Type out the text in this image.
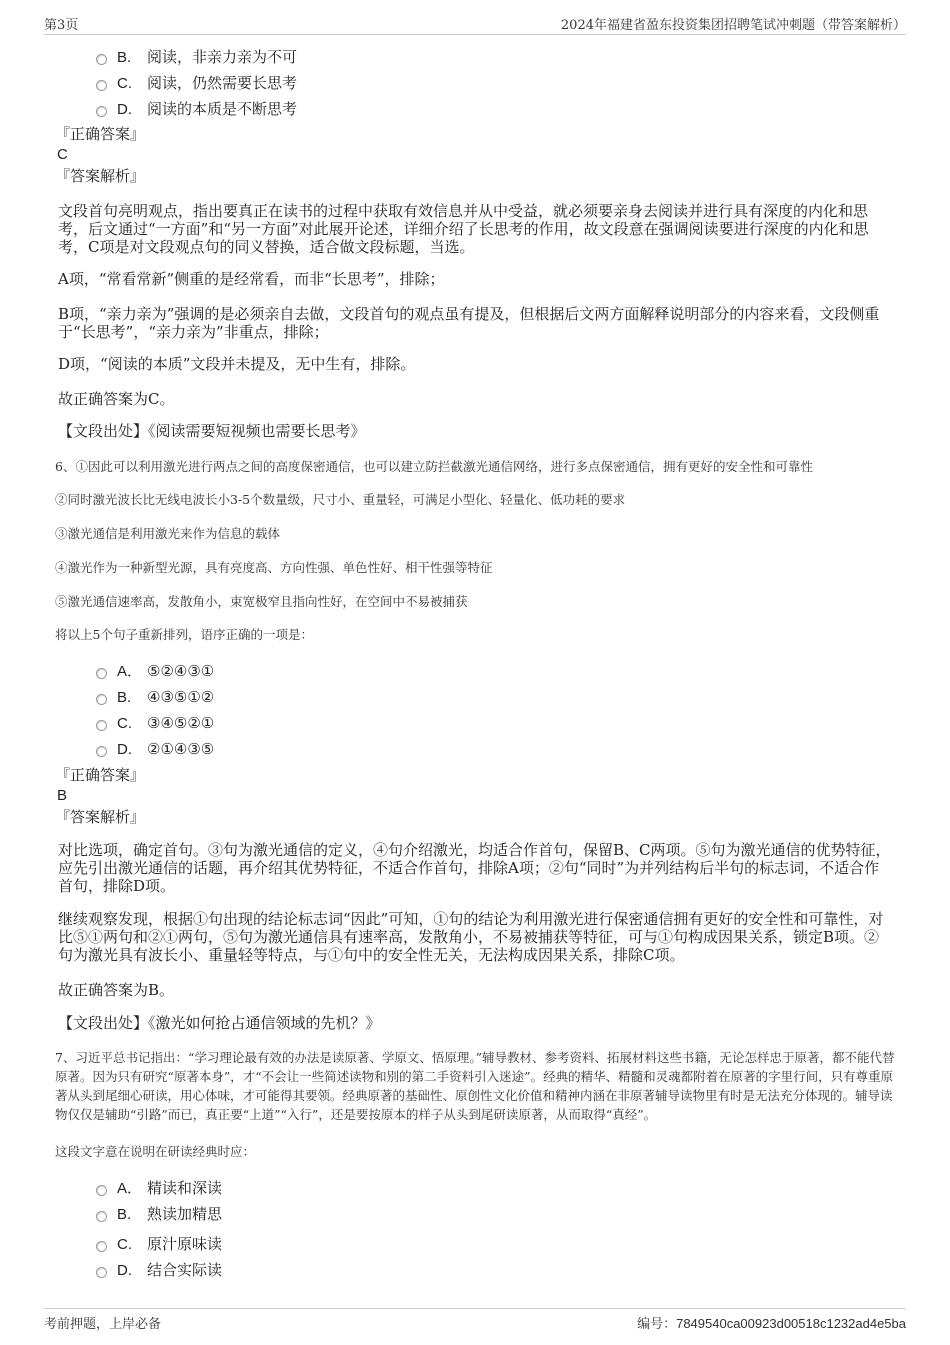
第3页	2024年福建省盈东投资集团招聘笔试冲刺题（带答案解析）
B. 阅读，非亲力亲为不可
C. 阅读，仍然需要长思考
D. 阅读的本质是不断思考
『正确答案』
C
『答案解析』
文段首句亮明观点，指出要真正在读书的过程中获取有效信息并从中受益，就必须要亲身去阅读并进行具有深度的内化和思考，后文通过“一方面”和“另一方面”对此展开论述，详细介绍了长思考的作用，故文段意在强调阅读要进行深度的内化和思考，C项是对文段观点句的同义替换，适合做文段标题，当选。
A项，“常看常新”侧重的是经常看，而非“长思考”，排除；
B项，“亲力亲为”强调的是必须亲自去做，文段首句的观点虽有提及，但根据后文两方面解释说明部分的内容来看，文段侧重于“长思考”，“亲力亲为”非重点，排除；
D项，“阅读的本质”文段并未提及，无中生有，排除。
故正确答案为C。
【文段出处】《阅读需要短视频也需要长思考》
6、①因此可以利用激光进行两点之间的高度保密通信，也可以建立防拦截激光通信网络，进行多点保密通信，拥有更好的安全性和可靠性
②同时激光波长比无线电波长小3-5个数量级，尺寸小、重量轻，可满足小型化、轻量化、低功耗的要求
③激光通信是利用激光来作为信息的载体
④激光作为一种新型光源，具有亮度高、方向性强、单色性好、相干性强等特征
⑤激光通信速率高，发散角小，束宽极窄且指向性好，在空间中不易被捕获
将以上5个句子重新排列，语序正确的一项是：
A． ⑤②④③①
B. ④③⑤①②
C. ③④⑤②①
D. ②①④③⑤
『正确答案』
B
『答案解析』
对比选项，确定首句。③句为激光通信的定义，④句介绍激光，均适合作首句，保留B、C两项。⑤句为激光通信的优势特征，应先引出激光通信的话题，再介绍其优势特征，不适合作首句，排除A项；②句“同时”为并列结构后半句的标志词，不适合作首句，排除D项。
继续观察发现，根据①句出现的结论标志词“因此”可知，①句的结论为利用激光进行保密通信拥有更好的安全性和可靠性，对比⑤①两句和②①两句，⑤句为激光通信具有速率高，发散角小，不易被捕获等特征，可与①句构成因果关系，锁定B项。②句为激光具有波长小、重量轻等特点，与①句中的安全性无关，无法构成因果关系，排除C项。
故正确答案为B。
【文段出处】《激光如何抢占通信领域的先机？》
7、习近平总书记指出：“学习理论最有效的办法是读原著、学原文、悟原理。”辅导教材、参考资料、拓展材料这些书籍，无论怎样忠于原著，都不能代替原著。因为只有研究“原著本身”，才“不会让一些简述读物和别的第二手资料引入迷途”。经典的精华、精髓和灵魂都附着在原著的字里行间，只有尊重原著从头到尾细心研读，用心体味，才可能得其要领。经典原著的基础性、原创性文化价值和精神内涵在非原著辅导读物里有时是无法充分体现的。辅导读物仅仅是辅助“引路”而已，真正要“上道”“入行”，还是要按原本的样子从头到尾研读原著，从而取得“真经”。
这段文字意在说明在研读经典时应：
A． 精读和深读
B. 熟读加精思
C. 原汁原味读
D. 结合实际读
考前押题，上岸必备	编号：7849540ca00923d00518c1232ad4e5ba
